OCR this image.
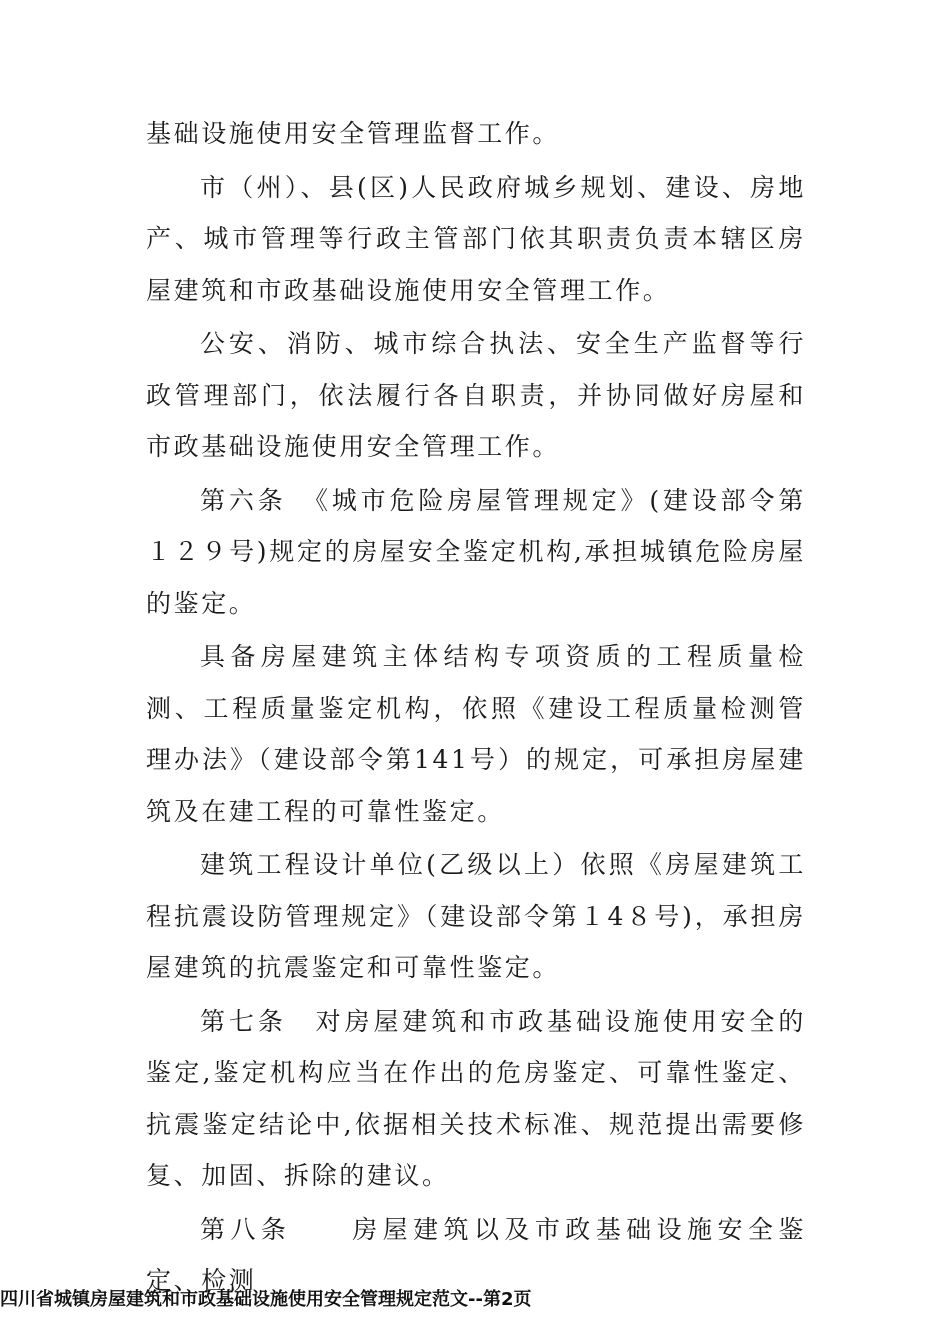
基础设施使用安全管理监督工作。

市（州）、县(区)人民政府城乡规划、建设、房地产、城市管理等行政主管部门依其职责负责本辖区房屋建筑和市政基础设施使用安全管理工作。

公安、消防、城市综合执法、安全生产监督等行政管理部门，依法履行各自职责，并协同做好房屋和市政基础设施使用安全管理工作。

第六条　《城市危险房屋管理规定》(建设部令第１２９号)规定的房屋安全鉴定机构,承担城镇危险房屋的鉴定。

具备房屋建筑主体结构专项资质的工程质量检测、工程质量鉴定机构，依照《建设工程质量检测管理办法》（建设部令第141号）的规定，可承担房屋建筑及在建工程的可靠性鉴定。

建筑工程设计单位(乙级以上）依照《房屋建筑工程抗震设防管理规定》（建设部令第１4８号)，承担房屋建筑的抗震鉴定和可靠性鉴定。

第七条　对房屋建筑和市政基础设施使用安全的鉴定,鉴定机构应当在作出的危房鉴定、可靠性鉴定、抗震鉴定结论中,依据相关技术标准、规范提出需要修复、加固、拆除的建议。

第八条　　房屋建筑以及市政基础设施安全鉴定、检测

四川省城镇房屋建筑和市政基础设施使用安全管理规定范文--第2页
